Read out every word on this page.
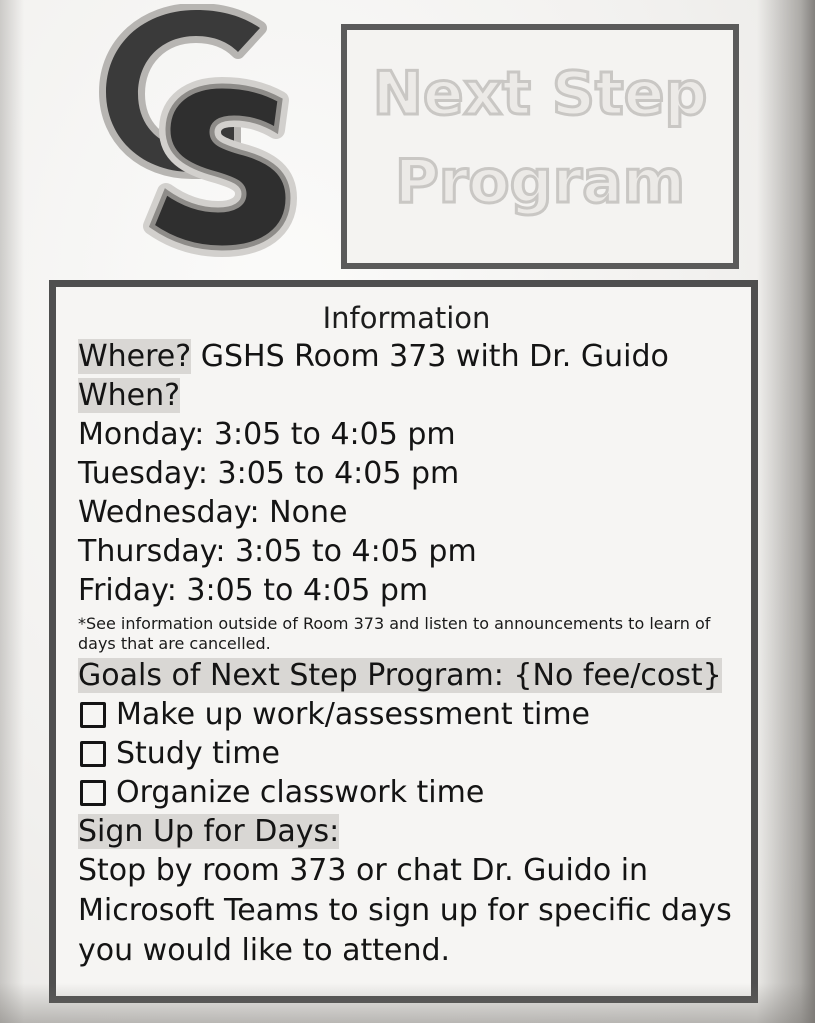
Next Step
Program
Information
Where? GSHS Room 373 with Dr. Guido
When?
Monday: 3:05 to 4:05 pm
Tuesday: 3:05 to 4:05 pm
Wednesday: None
Thursday: 3:05 to 4:05 pm
Friday: 3:05 to 4:05 pm
*See information outside of Room 373 and listen to announcements to learn of days that are cancelled.
Goals of Next Step Program: {No fee/cost}
Make up work/assessment time
Study time
Organize classwork time
Sign Up for Days:
Stop by room 373 or chat Dr. Guido in Microsoft Teams to sign up for specific days you would like to attend.
